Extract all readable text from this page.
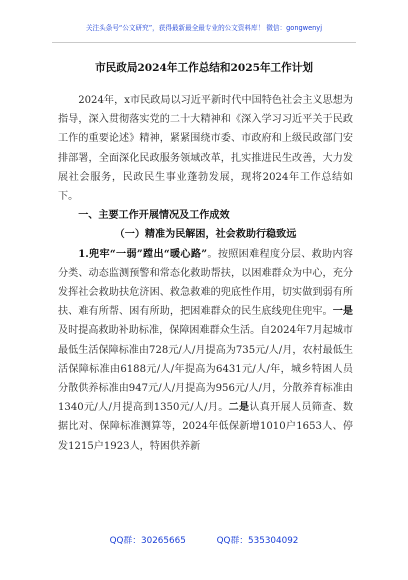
关注头条号“公文研究”，获得最新最全最专业的公文资料库！ 微信：gongwenyj
市民政局2024年工作总结和2025年工作计划

2024年，x市民政局以习近平新时代中国特色社会主义思想为指导，深入贯彻落实党的二十大精神和《深入学习习近平关于民政工作的重要论述》精神，紧紧围绕市委、市政府和上级民政部门安排部署，全面深化民政服务领域改革，扎实推进民生改善，大力发展社会服务，民政民生事业蓬勃发展，现将2024年工作总结如下。

一、主要工作开展情况及工作成效

（一）精准为民解困，社会救助行稳致远

1.兜牢“一弱”蹚出“暖心路”。按照困难程度分层、救助内容分类、动态监测预警和常态化救助帮扶，以困难群众为中心，充分发挥社会救助扶危济困、救急救难的兜底性作用，切实做到弱有所扶、难有所帮、困有所助，把困难群众的民生底线兜住兜牢。一是及时提高救助补助标准，保障困难群众生活。自2024年7月起城市最低生活保障标准由728元/人/月提高为735元/人/月，农村最低生活保障标准由6188元/人/年提高为6431元/人/年，城乡特困人员分散供养标准由947元/人/月提高为956元/人/月，分散养育标准由1340元/人/月提高到1350元/人/月。二是认真开展人员筛查、数据比对、保障标准测算等，2024年低保新增1010户1653人、停发1215户1923人，特困供养新

QQ群：30265665	QQ群：535304092
